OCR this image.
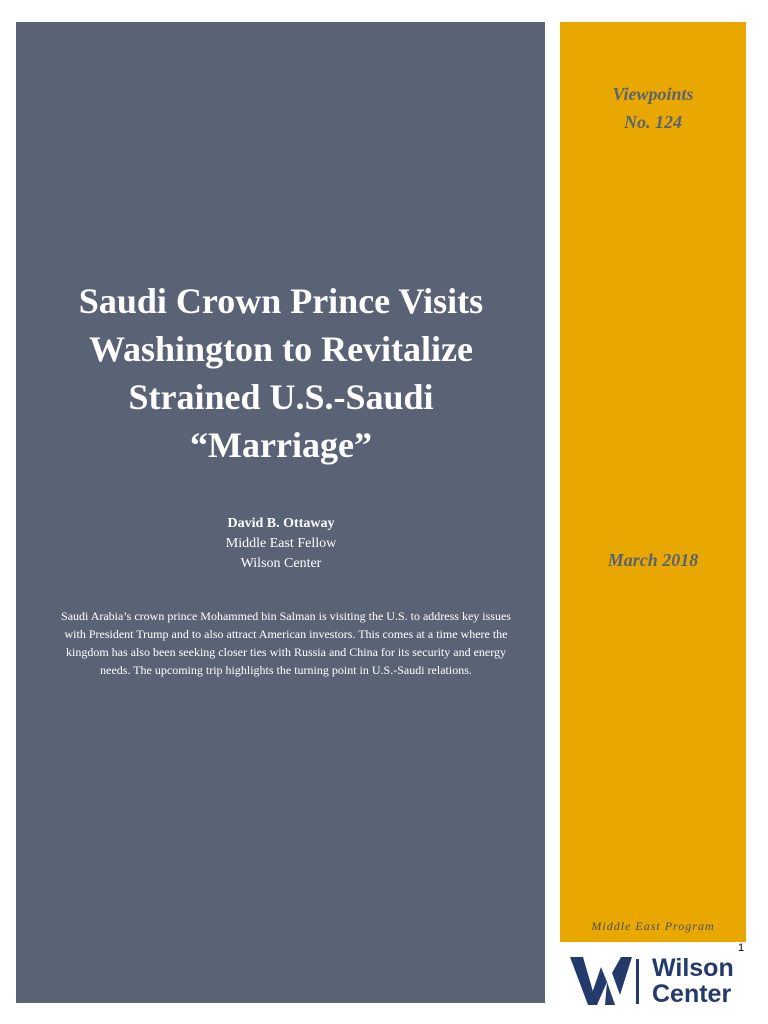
Saudi Crown Prince Visits Washington to Revitalize Strained U.S.-Saudi “Marriage”
David B. Ottaway
Middle East Fellow
Wilson Center

Saudi Arabia’s crown prince Mohammed bin Salman is visiting the U.S. to address key issues with President Trump and to also attract American investors. This comes at a time where the kingdom has also been seeking closer ties with Russia and China for its security and energy needs. The upcoming trip highlights the turning point in U.S.-Saudi relations.

Viewpoints
No. 124
March 2018
Middle East Program
1
Wilson
Center
